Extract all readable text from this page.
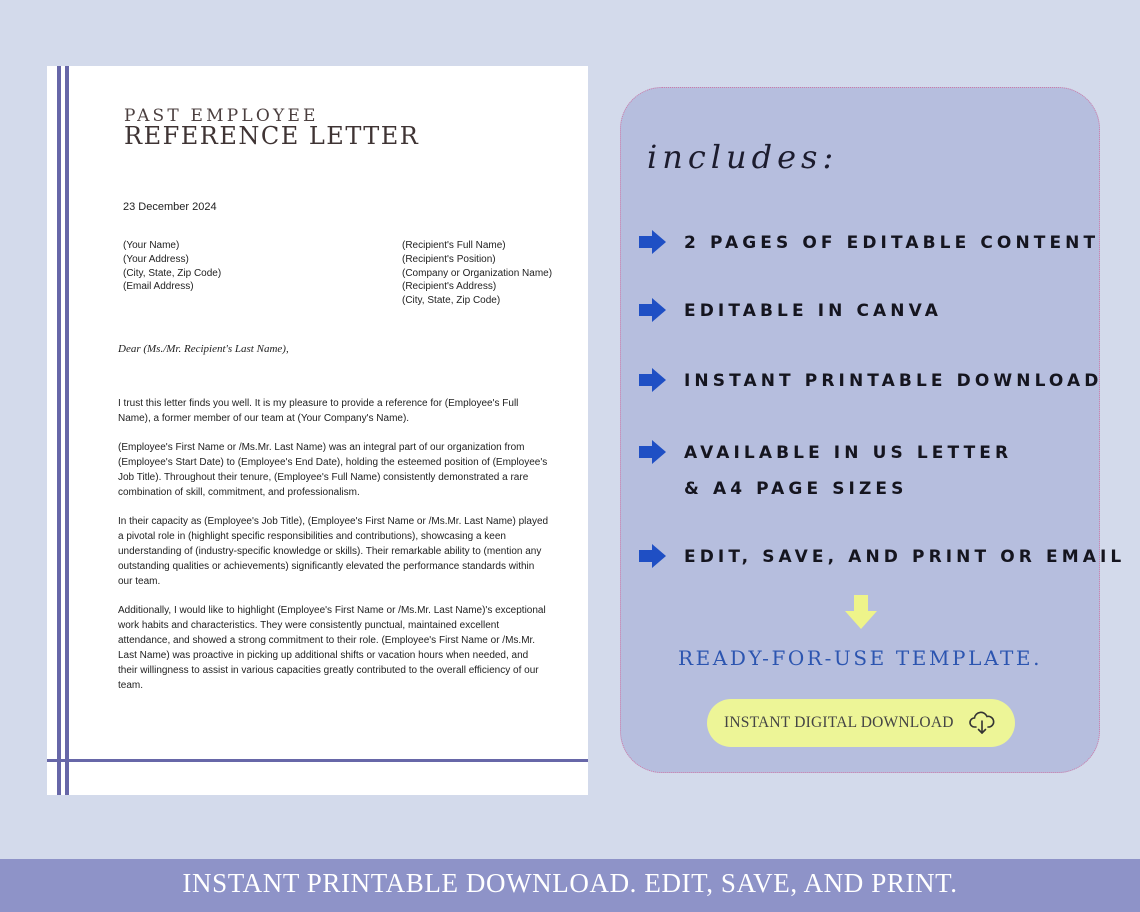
PAST EMPLOYEE
REFERENCE LETTER
23 December 2024
(Your Name)
(Your Address)
(City, State, Zip Code)
(Email Address)
(Recipient's Full Name)
(Recipient's Position)
(Company or Organization Name)
(Recipient's Address)
(City, State, Zip Code)
Dear (Ms./Mr. Recipient's Last Name),

I trust this letter finds you well. It is my pleasure to provide a reference for (Employee's Full Name), a former member of our team at (Your Company's Name).

(Employee's First Name or /Ms.Mr. Last Name) was an integral part of our organization from (Employee's Start Date) to (Employee's End Date), holding the esteemed position of (Employee's Job Title). Throughout their tenure, (Employee's Full Name) consistently demonstrated a rare combination of skill, commitment, and professionalism.

In their capacity as (Employee's Job Title), (Employee's First Name or /Ms.Mr. Last Name) played a pivotal role in (highlight specific responsibilities and contributions), showcasing a keen understanding of (industry-specific knowledge or skills). Their remarkable ability to (mention any outstanding qualities or achievements) significantly elevated the performance standards within our team.

Additionally, I would like to highlight (Employee's First Name or /Ms.Mr. Last Name)'s exceptional work habits and characteristics. They were consistently punctual, maintained excellent attendance, and showed a strong commitment to their role. (Employee's First Name or /Ms.Mr. Last Name) was proactive in picking up additional shifts or vacation hours when needed, and their willingness to assist in various capacities greatly contributed to the overall efficiency of our team.

includes:
2 PAGES OF EDITABLE CONTENT
EDITABLE IN CANVA
INSTANT PRINTABLE DOWNLOAD
AVAILABLE IN US LETTER
& A4 PAGE SIZES
EDIT, SAVE, AND PRINT OR EMAIL
READY-FOR-USE TEMPLATE.
INSTANT DIGITAL DOWNLOAD
INSTANT PRINTABLE DOWNLOAD. EDIT, SAVE, AND PRINT.
